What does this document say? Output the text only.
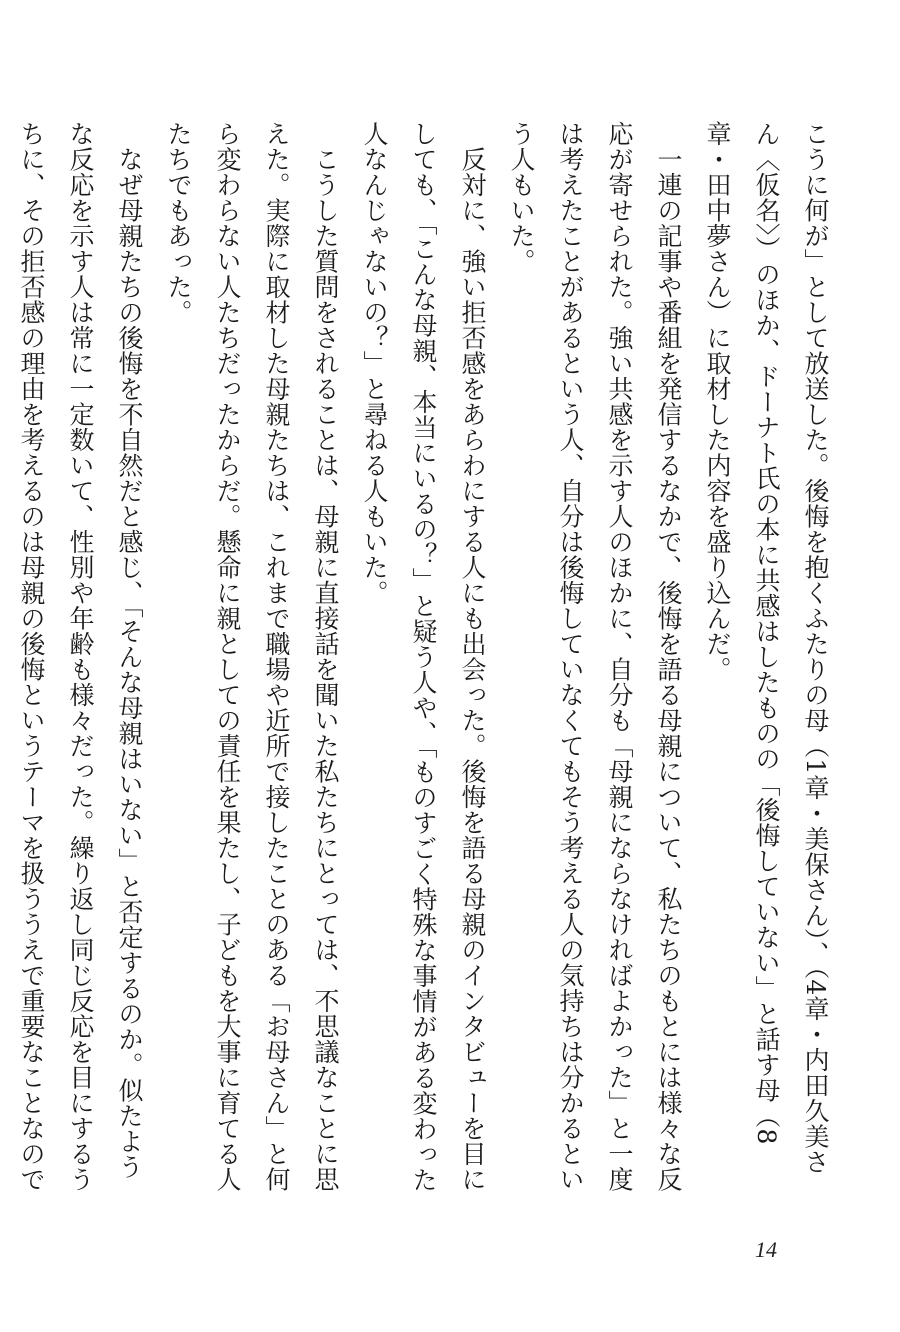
こうに何が」として放送した。後悔を抱くふたりの母（1章・美保さん）、（4章・内田久美さん〈仮名〉）のほか、ドーナト氏の本に共感はしたものの「後悔していない」と話す母（8章・田中夢さん）に取材した内容を盛り込んだ。

　一連の記事や番組を発信するなかで、後悔を語る母親について、私たちのもとには様々な反応が寄せられた。強い共感を示す人のほかに、自分も「母親にならなければよかった」と一度は考えたことがあるという人、自分は後悔していなくてもそう考える人の気持ちは分かるという人もいた。

　反対に、強い拒否感をあらわにする人にも出会った。後悔を語る母親のインタビューを目にしても、「こんな母親、本当にいるの？」と疑う人や、「ものすごく特殊な事情がある変わった人なんじゃないの？」と尋ねる人もいた。

　こうした質問をされることは、母親に直接話を聞いた私たちにとっては、不思議なことに思えた。実際に取材した母親たちは、これまで職場や近所で接したことのある「お母さん」と何ら変わらない人たちだったからだ。懸命に親としての責任を果たし、子どもを大事に育てる人たちでもあった。

　なぜ母親たちの後悔を不自然だと感じ、「そんな母親はいない」と否定するのか。似たような反応を示す人は常に一定数いて、性別や年齢も様々だった。繰り返し同じ反応を目にするうちに、その拒否感の理由を考えるのは母親の後悔というテーマを扱ううえで重要なことなので

14
